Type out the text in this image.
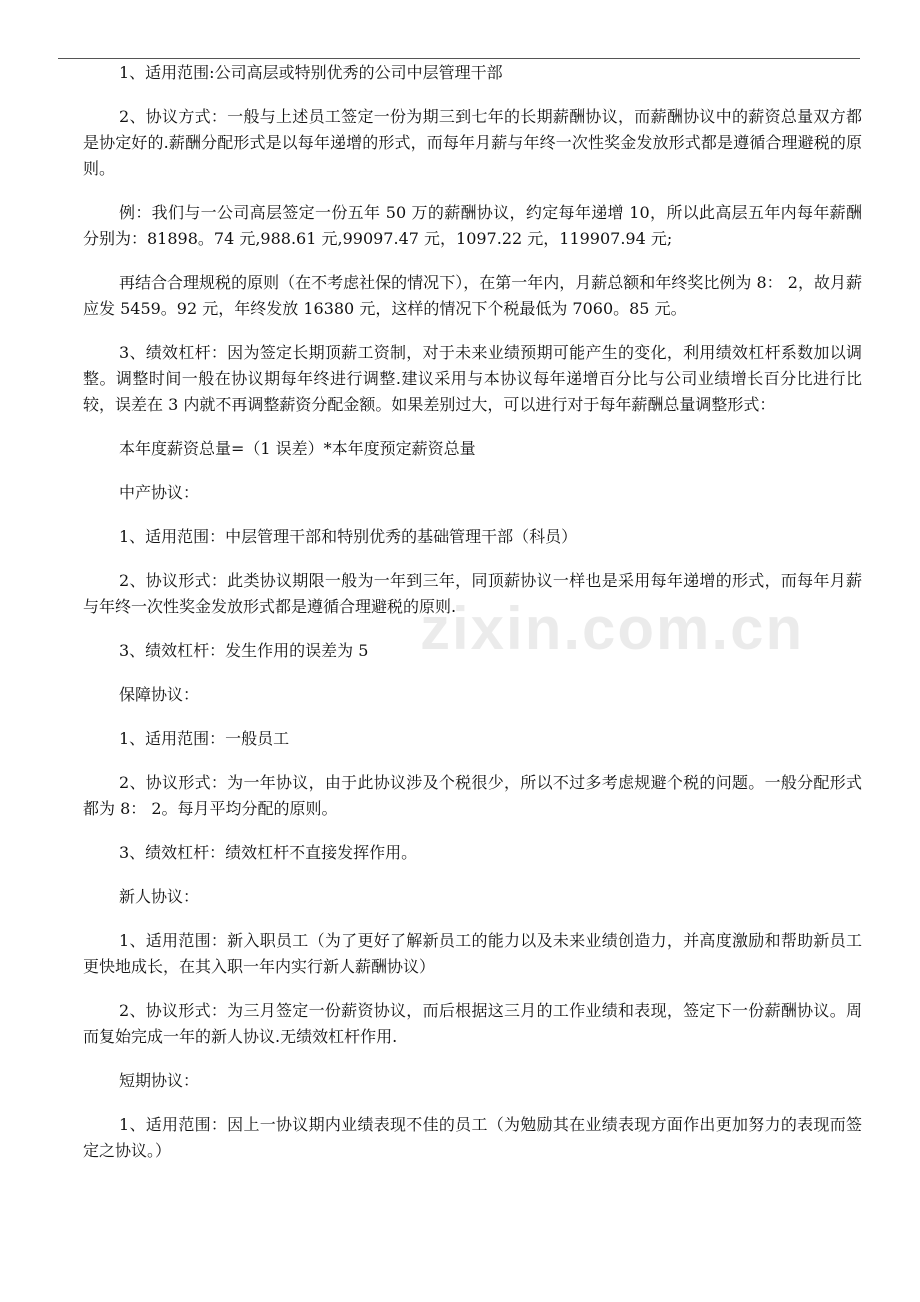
1、适用范围:公司高层或特别优秀的公司中层管理干部

2、协议方式：一般与上述员工签定一份为期三到七年的长期薪酬协议，而薪酬协议中的薪资总量双方都是协定好的.薪酬分配形式是以每年递增的形式，而每年月薪与年终一次性奖金发放形式都是遵循合理避税的原则。

例：我们与一公司高层签定一份五年 50 万的薪酬协议，约定每年递增 10，所以此高层五年内每年薪酬分别为：81898。74 元,988.61 元,99097.47 元，1097.22 元，119907.94 元;

再结合合理规税的原则（在不考虑社保的情况下），在第一年内，月薪总额和年终奖比例为 8： 2，故月薪应发 5459。92 元，年终发放 16380 元，这样的情况下个税最低为 7060。85 元。

3、绩效杠杆：因为签定长期顶薪工资制，对于未来业绩预期可能产生的变化，利用绩效杠杆系数加以调整。调整时间一般在协议期每年终进行调整.建议采用与本协议每年递增百分比与公司业绩增长百分比进行比较，误差在 3 内就不再调整薪资分配金额。如果差别过大，可以进行对于每年薪酬总量调整形式：

本年度薪资总量=（1 误差）*本年度预定薪资总量

中产协议：

1、适用范围：中层管理干部和特别优秀的基础管理干部（科员）

2、协议形式：此类协议期限一般为一年到三年，同顶薪协议一样也是采用每年递增的形式，而每年月薪与年终一次性奖金发放形式都是遵循合理避税的原则.

3、绩效杠杆：发生作用的误差为 5

保障协议：

1、适用范围：一般员工

2、协议形式：为一年协议，由于此协议涉及个税很少，所以不过多考虑规避个税的问题。一般分配形式都为 8： 2。每月平均分配的原则。

3、绩效杠杆：绩效杠杆不直接发挥作用。

新人协议：

1、适用范围：新入职员工（为了更好了解新员工的能力以及未来业绩创造力，并高度激励和帮助新员工更快地成长，在其入职一年内实行新人薪酬协议）

2、协议形式：为三月签定一份薪资协议，而后根据这三月的工作业绩和表现，签定下一份薪酬协议。周而复始完成一年的新人协议.无绩效杠杆作用.

短期协议：

1、适用范围：因上一协议期内业绩表现不佳的员工（为勉励其在业绩表现方面作出更加努力的表现而签定之协议。）

zixin.com.cn
